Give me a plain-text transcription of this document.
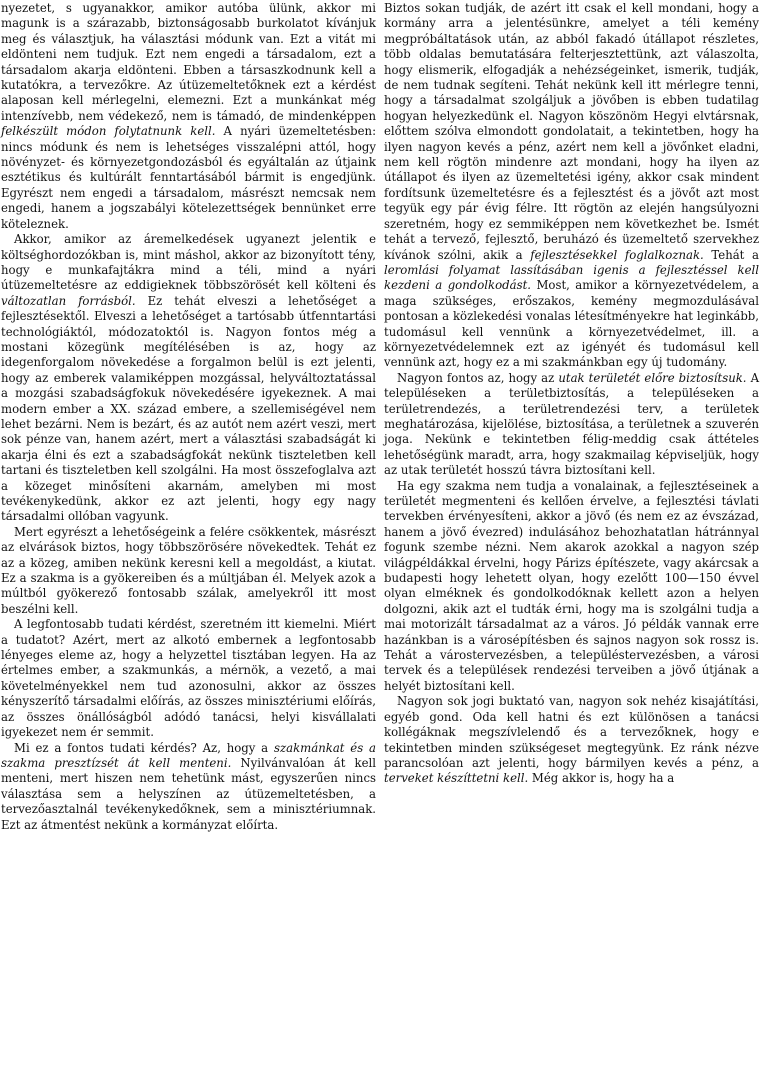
nyezetet, s ugyanakkor, amikor autóba ülünk, akkor mi magunk is a szárazabb, biztonságosabb burkolatot kívánjuk meg és választjuk, ha választási módunk van. Ezt a vitát mi eldönteni nem tudjuk. Ezt nem engedi a társadalom, ezt a társadalom akarja eldönteni. Ebben a társaszkodnunk kell a kutatókra, a tervezőkre. Az útüzemeltetőknek ezt a kérdést alaposan kell mérlegelni, elemezni. Ezt a munkánkat még intenzívebb, nem védekező, nem is támadó, de mindenképpen felkészült módon folytatnunk kell. A nyári üzemeltetésben: nincs módunk és nem is lehetséges visszalépni attól, hogy növényzet- és környezetgondozásból és egyáltalán az útjaink esztétikus és kultúrált fenntartásából bármit is engedjünk. Egyrészt nem engedi a társadalom, másrészt nemcsak nem engedi, hanem a jogszabályi kötelezettségek bennünket erre köteleznek.

Akkor, amikor az áremelkedések ugyanezt jelentik e költséghordozókban is, mint máshol, akkor az bizonyított tény, hogy e munkafajtákra mind a téli, mind a nyári útüzemeltetésre az eddigieknek többszörösét kell költeni és változatlan forrásból. Ez tehát elveszi a lehetőséget a fejlesztésektől. Elveszi a lehetőséget a tartósabb útfenntartási technológiáktól, módozatoktól is. Nagyon fontos még a mostani közegünk megítélésében is az, hogy az idegenforgalom növekedése a forgalmon belül is ezt jelenti, hogy az emberek valamiképpen mozgással, helyváltoztatással a mozgási szabadságfokuk növekedésére igyekeznek. A mai modern ember a XX. század embere, a szellemiségével nem lehet bezárni. Nem is bezárt, és az autót nem azért veszi, mert sok pénze van, hanem azért, mert a választási szabadságát ki akarja élni és ezt a szabadságfokát nekünk tiszteletben kell tartani és tiszteletben kell szolgálni. Ha most összefoglalva azt a közeget minősíteni akarnám, amelyben mi most tevékenykedünk, akkor ez azt jelenti, hogy egy nagy társadalmi ollóban vagyunk.

Mert egyrészt a lehetőségeink a felére csökkentek, másrészt az elvárások biztos, hogy többszörösére növekedtek. Tehát ez az a közeg, amiben nekünk keresni kell a megoldást, a kiutat. Ez a szakma is a gyökereiben és a múltjában él. Melyek azok a múltból gyökerező fontosabb szálak, amelyekről itt most beszélni kell.

A legfontosabb tudati kérdést, szeretném itt kiemelni. Miért a tudatot? Azért, mert az alkotó embernek a legfontosabb lényeges eleme az, hogy a helyzettel tisztában legyen. Ha az értelmes ember, a szakmunkás, a mérnök, a vezető, a mai követelményekkel nem tud azonosulni, akkor az összes kényszerítő társadalmi előírás, az összes minisztériumi előírás, az összes önállóságból adódó tanácsi, helyi kisvállalati igyekezet nem ér semmit.

Mi ez a fontos tudati kérdés? Az, hogy a szakmánkat és a szakma presztízsét át kell menteni. Nyilvánvalóan át kell menteni, mert hiszen nem tehetünk mást, egyszerűen nincs választása sem a helyszínen az útüzemeltetésben, a tervezőasztalnál tevékenykedőknek, sem a minisztériumnak. Ezt az átmentést nekünk a kormányzat előírta.

Biztos sokan tudják, de azért itt csak el kell mondani, hogy a kormány arra a jelentésünkre, amelyet a téli kemény megpróbáltatások után, az abból fakadó útállapot részletes, több oldalas bemutatására felterjesztettünk, azt válaszolta, hogy elismerik, elfogadják a nehézségeinket, ismerik, tudják, de nem tudnak segíteni. Tehát nekünk kell itt mérlegre tenni, hogy a társadalmat szolgáljuk a jövőben is ebben tudatilag hogyan helyezkedünk el. Nagyon köszönöm Hegyi elvtársnak, előttem szólva elmondott gondolatait, a tekintetben, hogy ha ilyen nagyon kevés a pénz, azért nem kell a jövőnket eladni, nem kell rögtön mindenre azt mondani, hogy ha ilyen az útállapot és ilyen az üzemeltetési igény, akkor csak mindent fordítsunk üzemeltetésre és a fejlesztést és a jövőt azt most tegyük egy pár évig félre. Itt rögtön az elején hangsúlyozni szeretném, hogy ez semmiképpen nem következhet be. Ismét tehát a tervező, fejlesztő, beruházó és üzemeltető szervekhez kívánok szólni, akik a fejlesztésekkel foglalkoznak. Tehát a leromlási folyamat lassításában igenis a fejlesztéssel kell kezdeni a gondolkodást. Most, amikor a környezetvédelem, a maga szükséges, erőszakos, kemény megmozdulásával pontosan a közlekedési vonalas létesítményekre hat leginkább, tudomásul kell vennünk a környezetvédelmet, ill. a környezetvédelemnek ezt az igényét és tudomásul kell vennünk azt, hogy ez a mi szakmánkban egy új tudomány.

Nagyon fontos az, hogy az utak területét előre biztosítsuk. A településeken a területbiztosítás, a településeken a területrendezés, a területrendezési terv, a területek meghatározása, kijelölése, biztosítása, a területnek a szuverén joga. Nekünk e tekintetben félig-meddig csak áttételes lehetőségünk maradt, arra, hogy szakmailag képviseljük, hogy az utak területét hosszú távra biztosítani kell.

Ha egy szakma nem tudja a vonalainak, a fejlesztéseinek a területét megmenteni és kellően érvelve, a fejlesztési távlati tervekben érvényesíteni, akkor a jövő (és nem ez az évszázad, hanem a jövő évezred) indulásához behozhatatlan hátránnyal fogunk szembe nézni. Nem akarok azokkal a nagyon szép világpéldákkal érvelni, hogy Párizs építészete, vagy akárcsak a budapesti hogy lehetett olyan, hogy ezelőtt 100—150 évvel olyan elméknek és gondolkodóknak kellett azon a helyen dolgozni, akik azt el tudták érni, hogy ma is szolgálni tudja a mai motorizált társadalmat az a város. Jó példák vannak erre hazánkban is a városépítésben és sajnos nagyon sok rossz is. Tehát a várostervezésben, a településtervezésben, a városi tervek és a települések rendezési terveiben a jövő útjának a helyét biztosítani kell.

Nagyon sok jogi buktató van, nagyon sok nehéz kisajátítási, egyéb gond. Oda kell hatni és ezt különösen a tanácsi kollégáknak megszívlelendő és a tervezőknek, hogy e tekintetben minden szükségeset megtegyünk. Ez ránk nézve parancsolóan azt jelenti, hogy bármilyen kevés a pénz, a terveket készíttetni kell. Még akkor is, hogy ha a
